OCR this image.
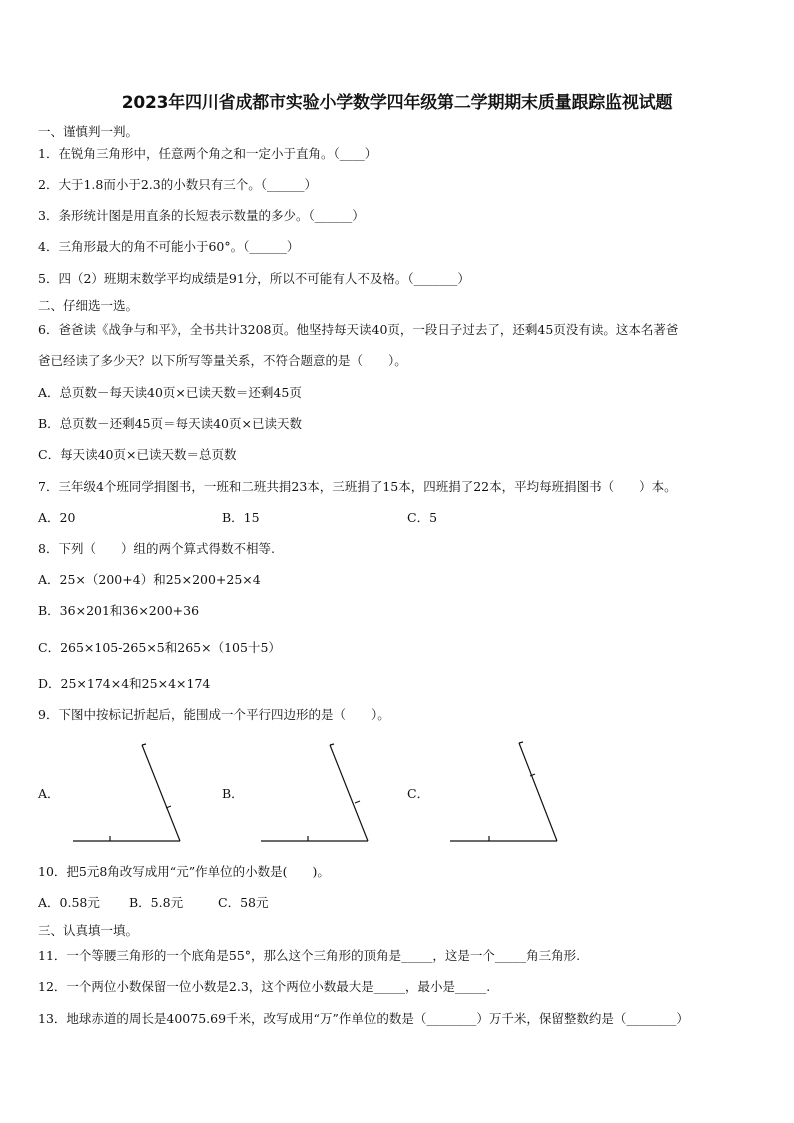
2023年四川省成都市实验小学数学四年级第二学期期末质量跟踪监视试题
一、谨慎判一判。
1．在锐角三角形中，任意两个角之和一定小于直角。（____）
2．大于1.8而小于2.3的小数只有三个。（______）
3．条形统计图是用直条的长短表示数量的多少。（______）
4．三角形最大的角不可能小于60°。（______）
5．四（2）班期末数学平均成绩是91分，所以不可能有人不及格。（_______）
二、仔细选一选。
6．爸爸读《战争与和平》，全书共计3208页。他坚持每天读40页，一段日子过去了，还剩45页没有读。这本名著爸
爸已经读了多少天？以下所写等量关系，不符合题意的是（　　）。
A．总页数－每天读40页×已读天数＝还剩45页
B．总页数－还剩45页＝每天读40页×已读天数
C．每天读40页×已读天数＝总页数
7．三年级4个班同学捐图书，一班和二班共捐23本，三班捐了15本，四班捐了22本，平均每班捐图书（　　）本。
A．20	B．15	C．5
8．下列（　　）组的两个算式得数不相等.
A．25×（200+4）和25×200+25×4
B．36×201和36×200+36
C．265×105-265×5和265×（105十5）
D．25×174×4和25×4×174
9．下图中按标记折起后，能围成一个平行四边形的是（　　）。
A．	B．	C．
10．把5元8角改写成用“元”作单位的小数是(　　)。
A．0.58元 B．5.8元	C．58元
三、认真填一填。
11．一个等腰三角形的一个底角是55°，那么这个三角形的顶角是_____，这是一个_____角三角形.
12．一个两位小数保留一位小数是2.3，这个两位小数最大是_____，最小是_____.
13．地球赤道的周长是40075.69千米，改写成用“万”作单位的数是（________）万千米，保留整数约是（________）
